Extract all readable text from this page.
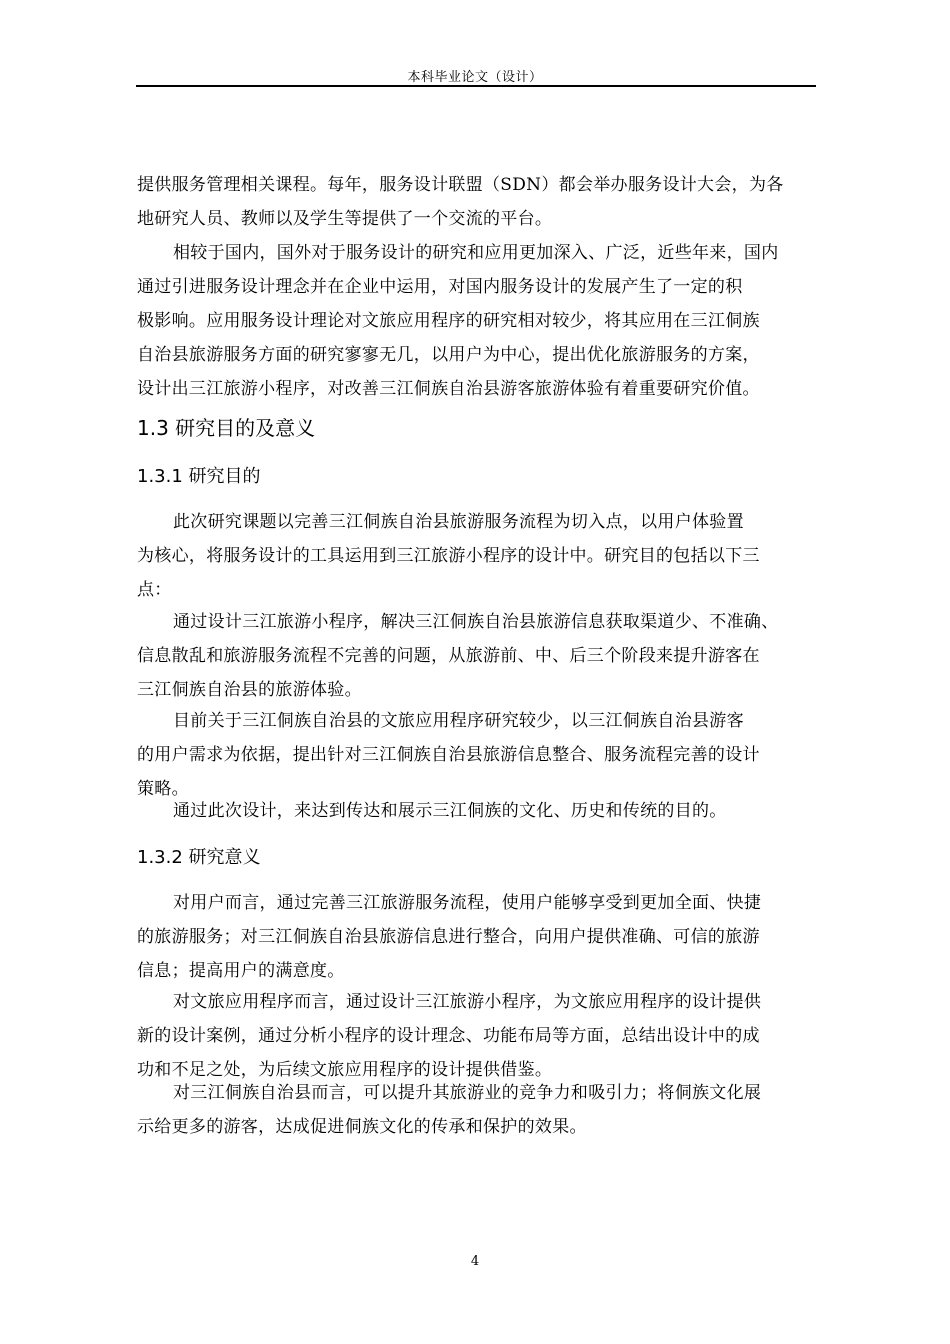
本科毕业论文（设计）
提供服务管理相关课程。每年，服务设计联盟（SDN）都会举办服务设计大会，为各
地研究人员、教师以及学生等提供了一个交流的平台。
相较于国内，国外对于服务设计的研究和应用更加深入、广泛，近些年来，国内
通过引进服务设计理念并在企业中运用，对国内服务设计的发展产生了一定的积
极影响。应用服务设计理论对文旅应用程序的研究相对较少，将其应用在三江侗族
自治县旅游服务方面的研究寥寥无几，以用户为中心，提出优化旅游服务的方案，
设计出三江旅游小程序，对改善三江侗族自治县游客旅游体验有着重要研究价值。
1.3 研究目的及意义
1.3.1 研究目的
此次研究课题以完善三江侗族自治县旅游服务流程为切入点，以用户体验置
为核心，将服务设计的工具运用到三江旅游小程序的设计中。研究目的包括以下三
点：
通过设计三江旅游小程序，解决三江侗族自治县旅游信息获取渠道少、不准确、
信息散乱和旅游服务流程不完善的问题，从旅游前、中、后三个阶段来提升游客在
三江侗族自治县的旅游体验。
目前关于三江侗族自治县的文旅应用程序研究较少，以三江侗族自治县游客
的用户需求为依据，提出针对三江侗族自治县旅游信息整合、服务流程完善的设计
策略。
通过此次设计，来达到传达和展示三江侗族的文化、历史和传统的目的。
1.3.2 研究意义
对用户而言，通过完善三江旅游服务流程，使用户能够享受到更加全面、快捷
的旅游服务；对三江侗族自治县旅游信息进行整合，向用户提供准确、可信的旅游
信息；提高用户的满意度。
对文旅应用程序而言，通过设计三江旅游小程序，为文旅应用程序的设计提供
新的设计案例，通过分析小程序的设计理念、功能布局等方面，总结出设计中的成
功和不足之处，为后续文旅应用程序的设计提供借鉴。
对三江侗族自治县而言，可以提升其旅游业的竞争力和吸引力；将侗族文化展
示给更多的游客，达成促进侗族文化的传承和保护的效果。
4
